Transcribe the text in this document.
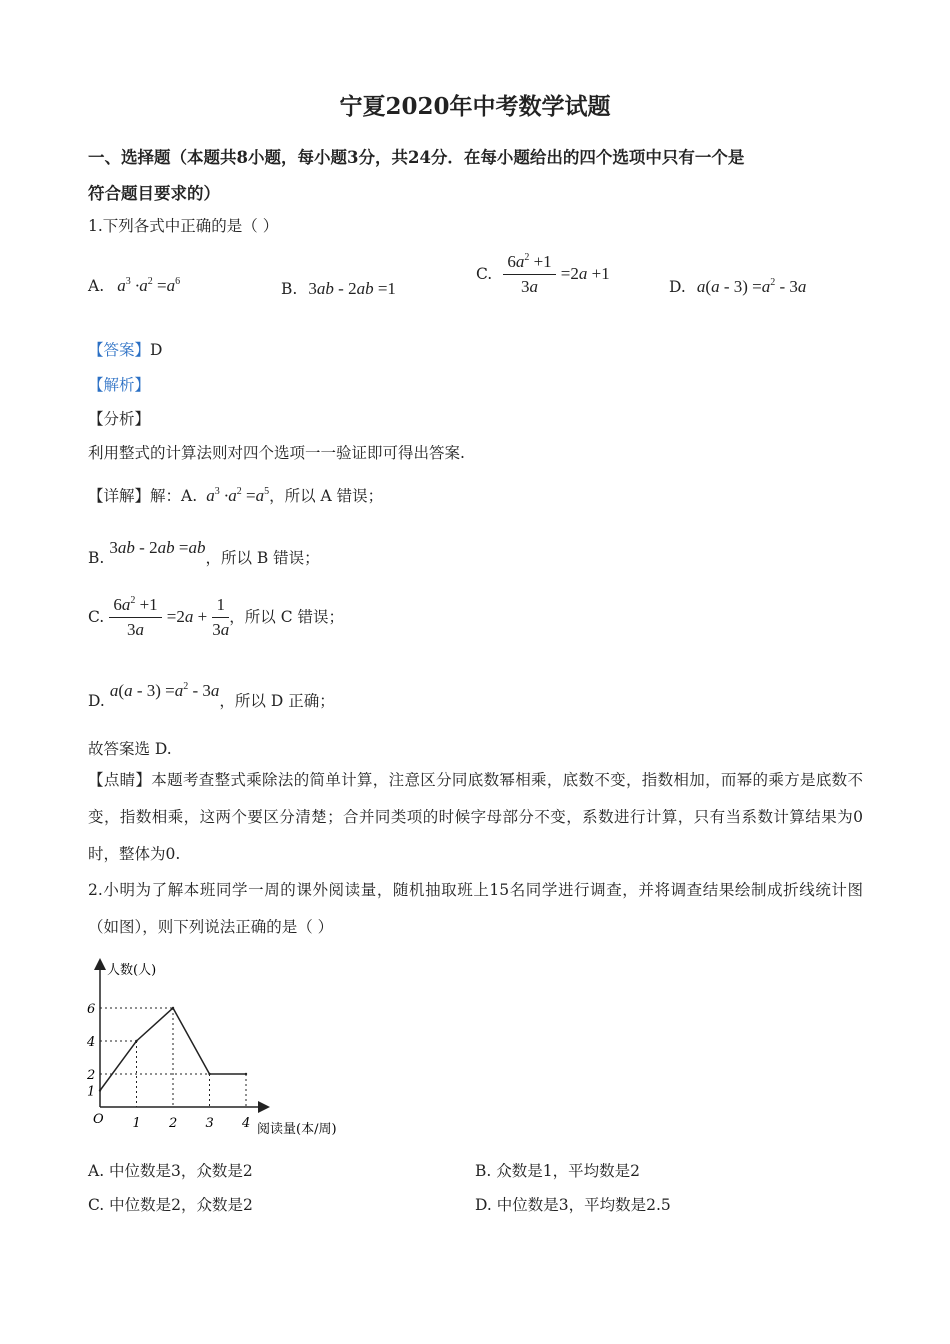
宁夏2020年中考数学试题
一、选择题（本题共8小题，每小题3分，共24分．在每小题给出的四个选项中只有一个是
符合题目要求的）
1.下列各式中正确的是（ ）
A. $a^3 \cdot a^2 =a^6$	B. 3ab - 2ab =1
C. $\frac{6a^2 +1}{3a} =2a +1$
D. $a(a - 3) =a^2 - 3a$
【答案】D
【解析】
【分析】
利用整式的计算法则对四个选项一一验证即可得出答案.
【详解】解：A. $a^3 \cdot a^2 =a^5$，所以 A 错误；
B. 3ab - 2ab =ab，所以 B 错误；
C. $\frac{6a^2 +1}{3a} =2a + \frac{1}{3a}$ ，所以 C 错误；
D. $a(a - 3) =a^2 - 3a$，所以 D 正确；
故答案选 D.
【点睛】本题考查整式乘除法的简单计算，注意区分同底数幂相乘，底数不变，指数相加，而幂的乘方是底数不变，指数相乘，这两个要区分清楚；合并同类项的时候字母部分不变，系数进行计算，只有当系数计算结果为0时，整体为0.
2.小明为了解本班同学一周的课外阅读量，随机抽取班上15名同学进行调查，并将调查结果绘制成折线统计图（如图），则下列说法正确的是（ ）
1 2 3 4
1
2
4
6
人数(人)
阅读量(本/周)
O
A. 中位数是3，众数是2	B. 众数是1，平均数是2
C. 中位数是2，众数是2	D. 中位数是3，平均数是2.5
